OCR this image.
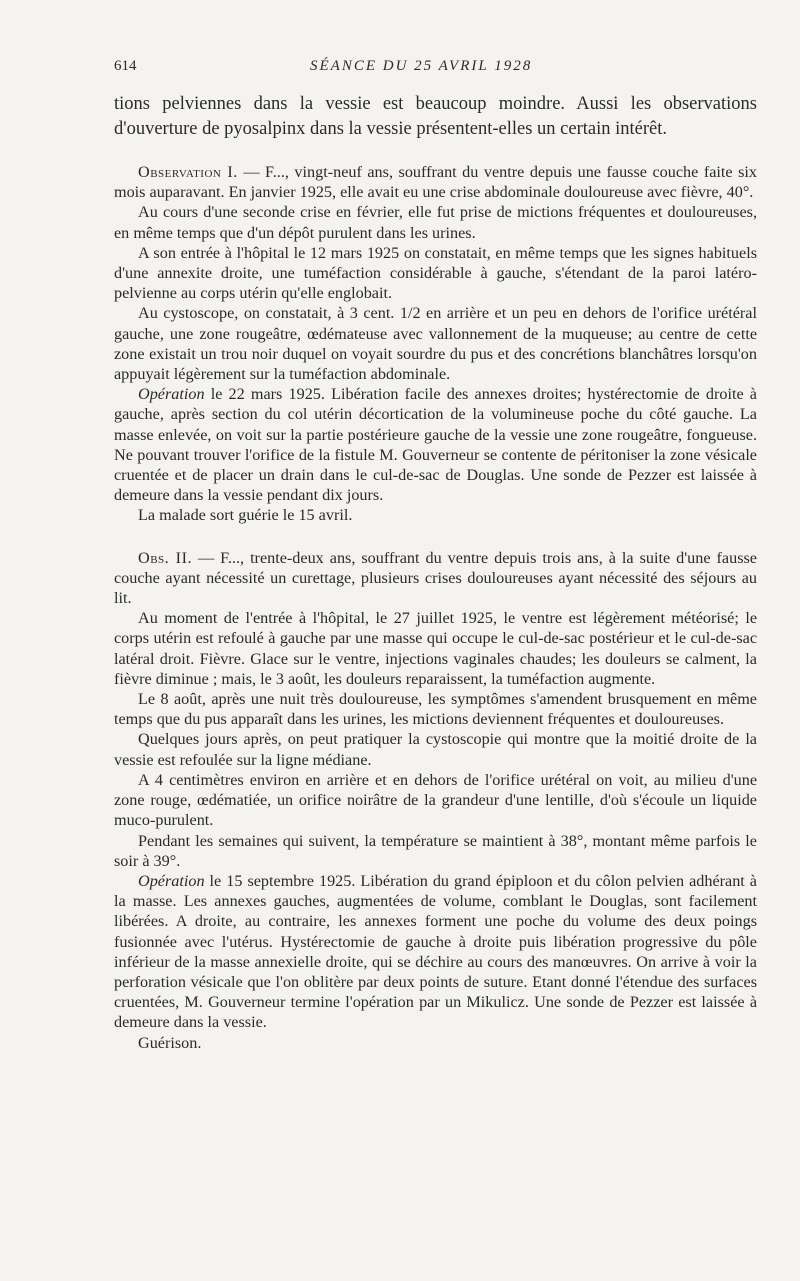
614	SÉANCE DU 25 AVRIL 1928

tions pelviennes dans la vessie est beaucoup moindre. Aussi les observations d'ouverture de pyosalpinx dans la vessie présentent-elles un certain intérêt.

Observation I. — F..., vingt-neuf ans, souffrant du ventre depuis une fausse couche faite six mois auparavant. En janvier 1925, elle avait eu une crise abdominale douloureuse avec fièvre, 40°.

Au cours d'une seconde crise en février, elle fut prise de mictions fréquentes et douloureuses, en même temps que d'un dépôt purulent dans les urines.

A son entrée à l'hôpital le 12 mars 1925 on constatait, en même temps que les signes habituels d'une annexite droite, une tuméfaction considérable à gauche, s'étendant de la paroi latéro-pelvienne au corps utérin qu'elle englobait.

Au cystoscope, on constatait, à 3 cent. 1/2 en arrière et un peu en dehors de l'orifice urétéral gauche, une zone rougeâtre, œdémateuse avec vallonnement de la muqueuse; au centre de cette zone existait un trou noir duquel on voyait sourdre du pus et des concrétions blanchâtres lorsqu'on appuyait légèrement sur la tuméfaction abdominale.

Opération le 22 mars 1925. Libération facile des annexes droites; hystérectomie de droite à gauche, après section du col utérin décortication de la volumineuse poche du côté gauche. La masse enlevée, on voit sur la partie postérieure gauche de la vessie une zone rougeâtre, fongueuse. Ne pouvant trouver l'orifice de la fistule M. Gouverneur se contente de péritoniser la zone vésicale cruentée et de placer un drain dans le cul-de-sac de Douglas. Une sonde de Pezzer est laissée à demeure dans la vessie pendant dix jours.

La malade sort guérie le 15 avril.

Obs. II. — F..., trente-deux ans, souffrant du ventre depuis trois ans, à la suite d'une fausse couche ayant nécessité un curettage, plusieurs crises douloureuses ayant nécessité des séjours au lit.

Au moment de l'entrée à l'hôpital, le 27 juillet 1925, le ventre est légèrement météorisé; le corps utérin est refoulé à gauche par une masse qui occupe le cul-de-sac postérieur et le cul-de-sac latéral droit. Fièvre. Glace sur le ventre, injections vaginales chaudes; les douleurs se calment, la fièvre diminue ; mais, le 3 août, les douleurs reparaissent, la tuméfaction augmente.

Le 8 août, après une nuit très douloureuse, les symptômes s'amendent brusquement en même temps que du pus apparaît dans les urines, les mictions deviennent fréquentes et douloureuses.

Quelques jours après, on peut pratiquer la cystoscopie qui montre que la moitié droite de la vessie est refoulée sur la ligne médiane.

A 4 centimètres environ en arrière et en dehors de l'orifice urétéral on voit, au milieu d'une zone rouge, œdématiée, un orifice noirâtre de la grandeur d'une lentille, d'où s'écoule un liquide muco-purulent.

Pendant les semaines qui suivent, la température se maintient à 38°, montant même parfois le soir à 39°.

Opération le 15 septembre 1925. Libération du grand épiploon et du côlon pelvien adhérant à la masse. Les annexes gauches, augmentées de volume, comblant le Douglas, sont facilement libérées. A droite, au contraire, les annexes forment une poche du volume des deux poings fusionnée avec l'utérus. Hystérectomie de gauche à droite puis libération progressive du pôle inférieur de la masse annexielle droite, qui se déchire au cours des manœuvres. On arrive à voir la perforation vésicale que l'on oblitère par deux points de suture. Etant donné l'étendue des surfaces cruentées, M. Gouverneur termine l'opération par un Mikulicz. Une sonde de Pezzer est laissée à demeure dans la vessie.

Guérison.
